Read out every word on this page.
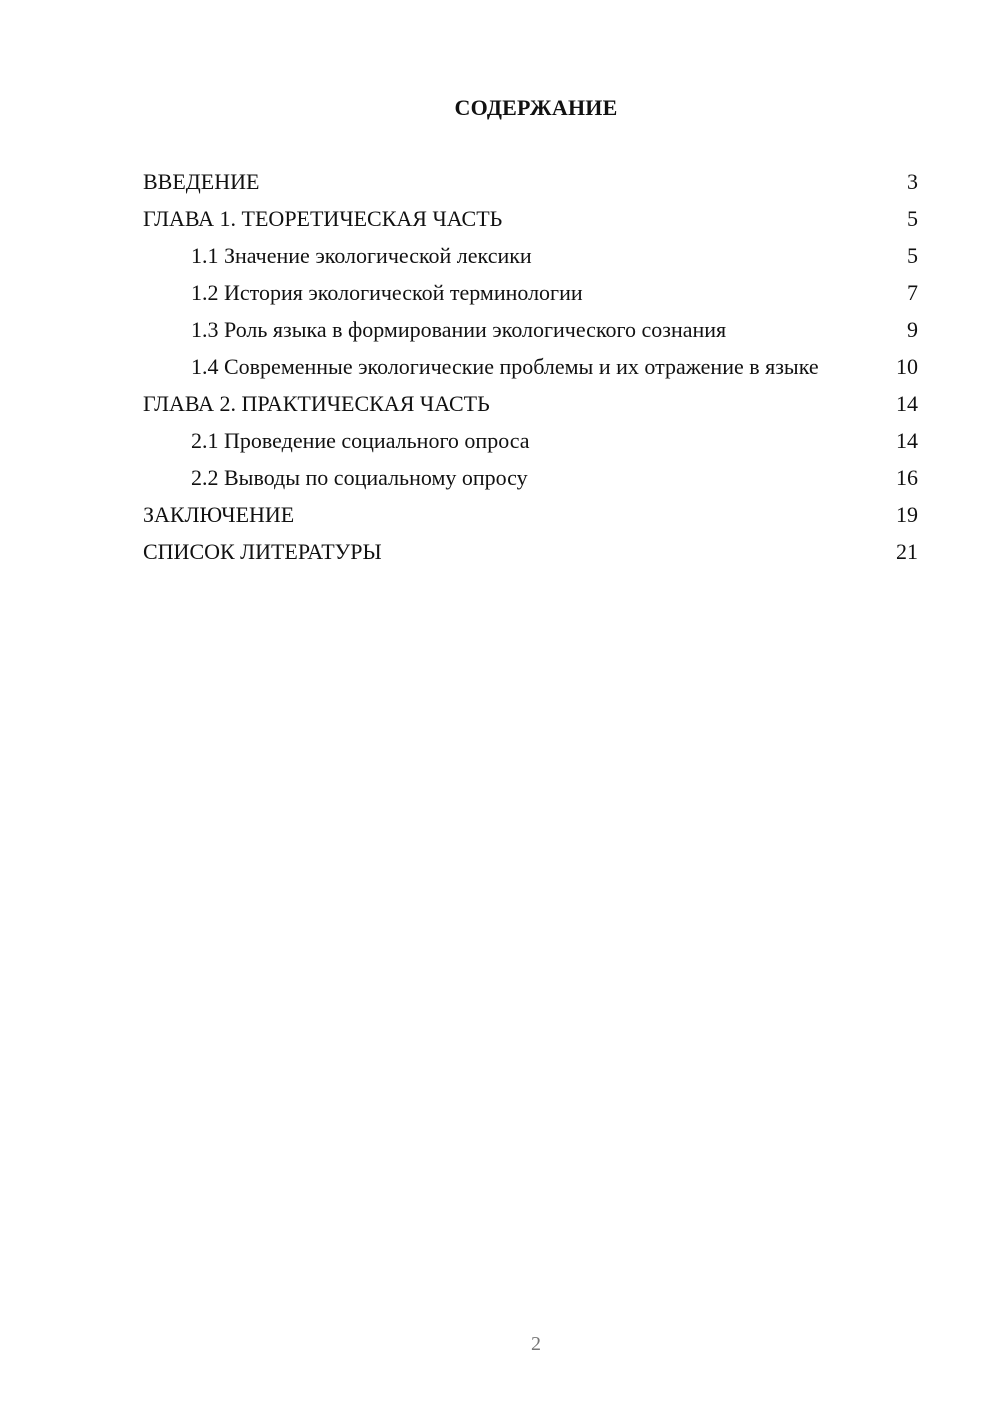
СОДЕРЖАНИЕ
ВВЕДЕНИЕ	3
ГЛАВА 1. ТЕОРЕТИЧЕСКАЯ ЧАСТЬ	5
1.1 Значение экологической лексики	5
1.2 История экологической терминологии	7
1.3 Роль языка в формировании экологического сознания	9
1.4 Современные экологические проблемы и их отражение в языке	10
ГЛАВА 2. ПРАКТИЧЕСКАЯ ЧАСТЬ	14
2.1 Проведение социального опроса	14
2.2 Выводы по социальному опросу	16
ЗАКЛЮЧЕНИЕ	19
СПИСОК ЛИТЕРАТУРЫ	21
2
